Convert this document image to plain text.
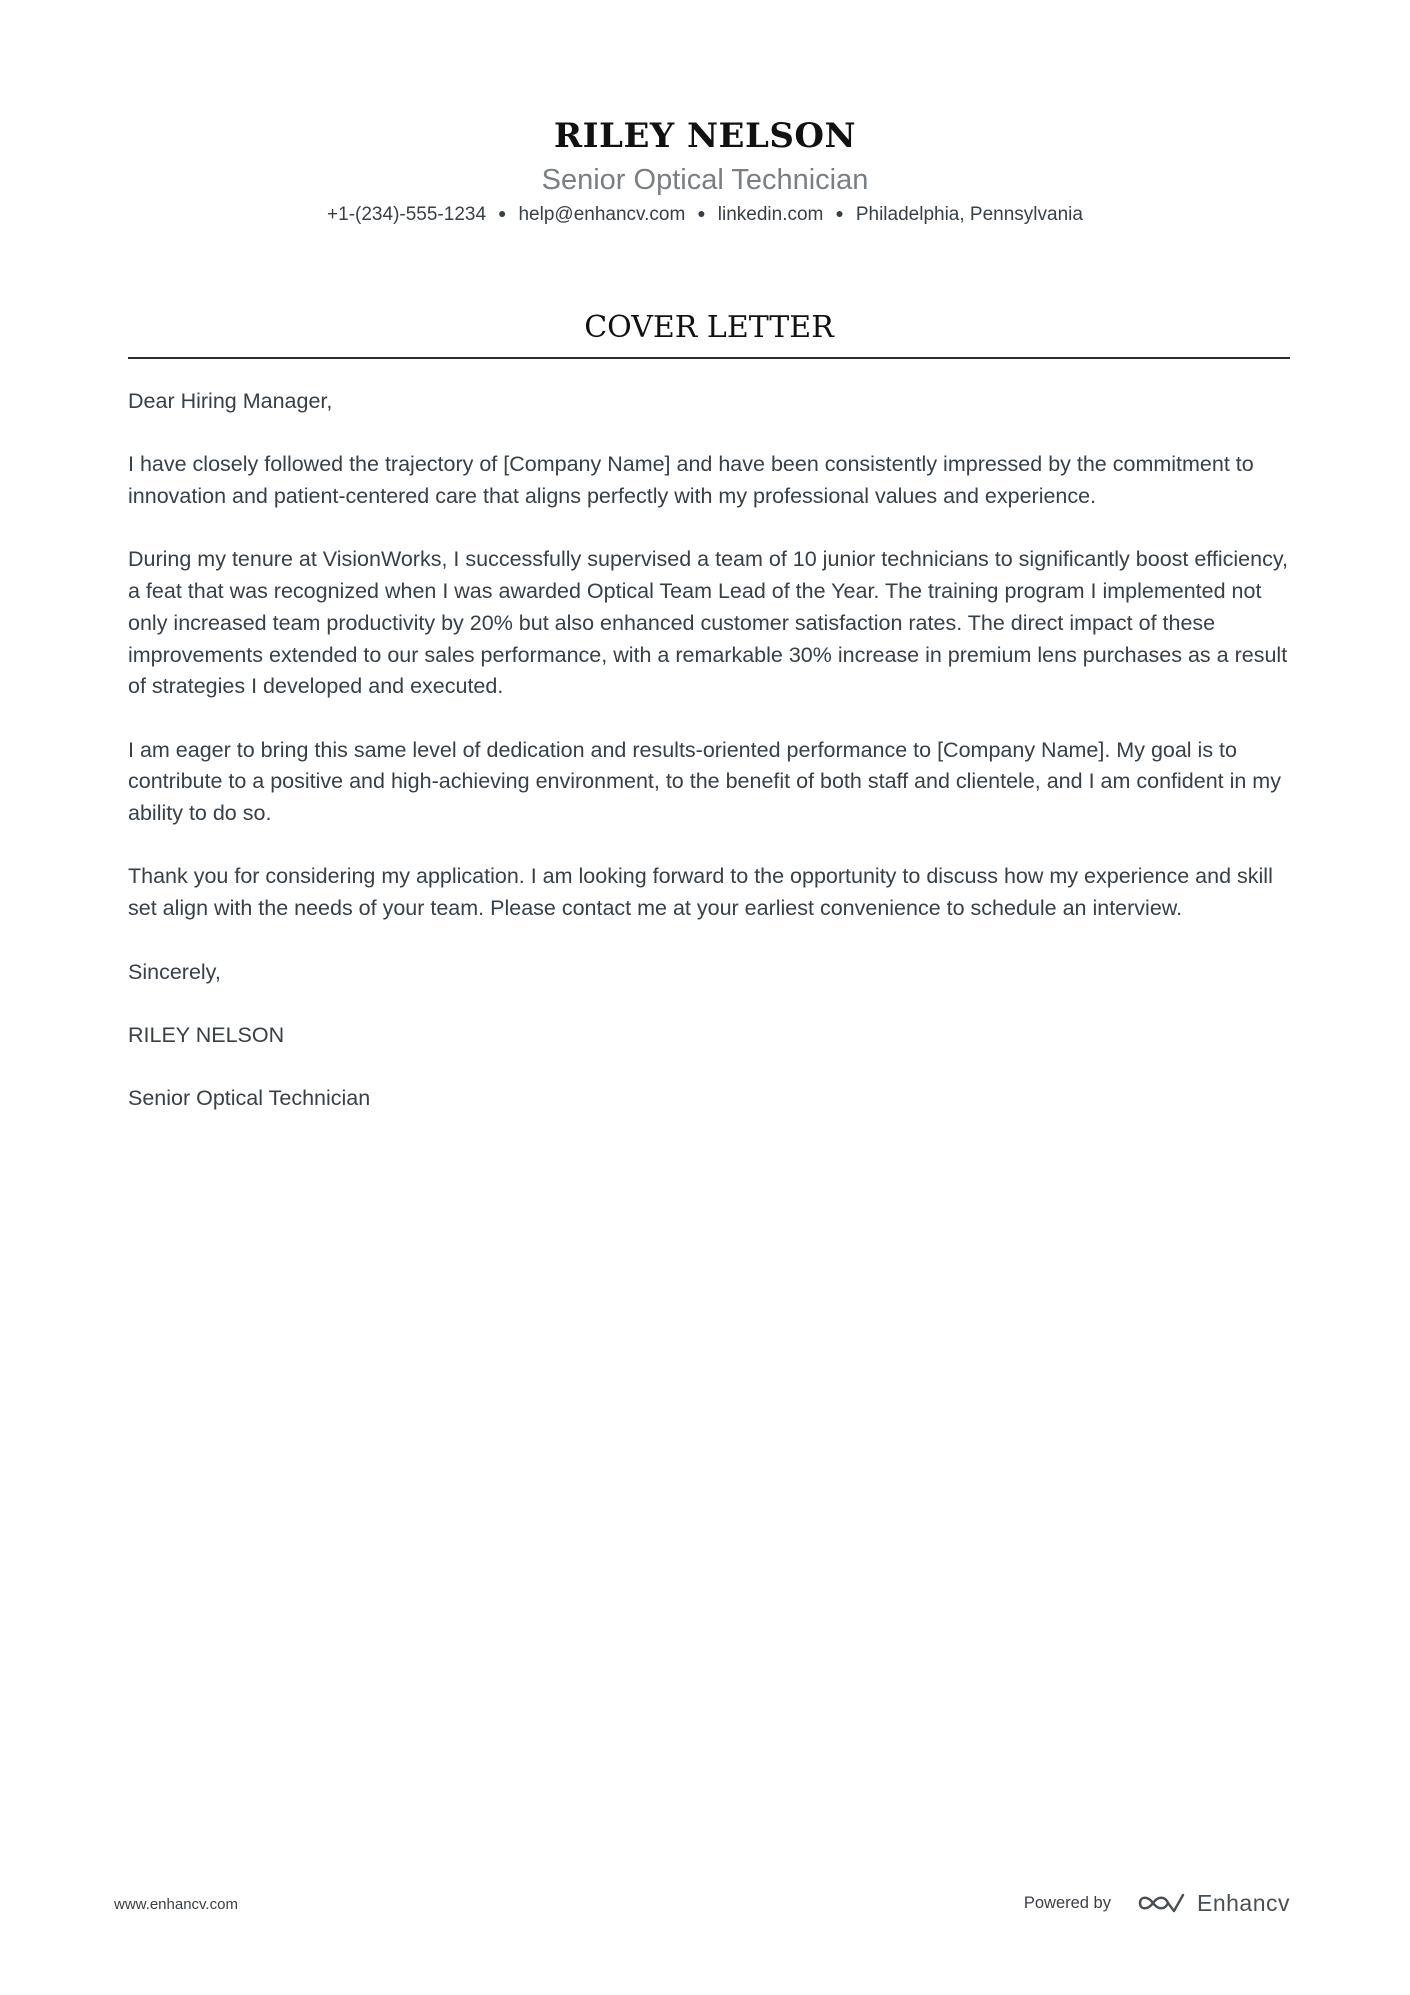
RILEY NELSON
Senior Optical Technician
+1-(234)-555-1234 ● help@enhancv.com ● linkedin.com ● Philadelphia, Pennsylvania
COVER LETTER

Dear Hiring Manager,

I have closely followed the trajectory of [Company Name] and have been consistently impressed by the commitment to innovation and patient-centered care that aligns perfectly with my professional values and experience.

During my tenure at VisionWorks, I successfully supervised a team of 10 junior technicians to significantly boost efficiency, a feat that was recognized when I was awarded Optical Team Lead of the Year. The training program I implemented not only increased team productivity by 20% but also enhanced customer satisfaction rates. The direct impact of these improvements extended to our sales performance, with a remarkable 30% increase in premium lens purchases as a result of strategies I developed and executed.

I am eager to bring this same level of dedication and results-oriented performance to [Company Name]. My goal is to contribute to a positive and high-achieving environment, to the benefit of both staff and clientele, and I am confident in my ability to do so.

Thank you for considering my application. I am looking forward to the opportunity to discuss how my experience and skill set align with the needs of your team. Please contact me at your earliest convenience to schedule an interview.

Sincerely,

RILEY NELSON

Senior Optical Technician

www.enhancv.com	Powered by	Enhancv
